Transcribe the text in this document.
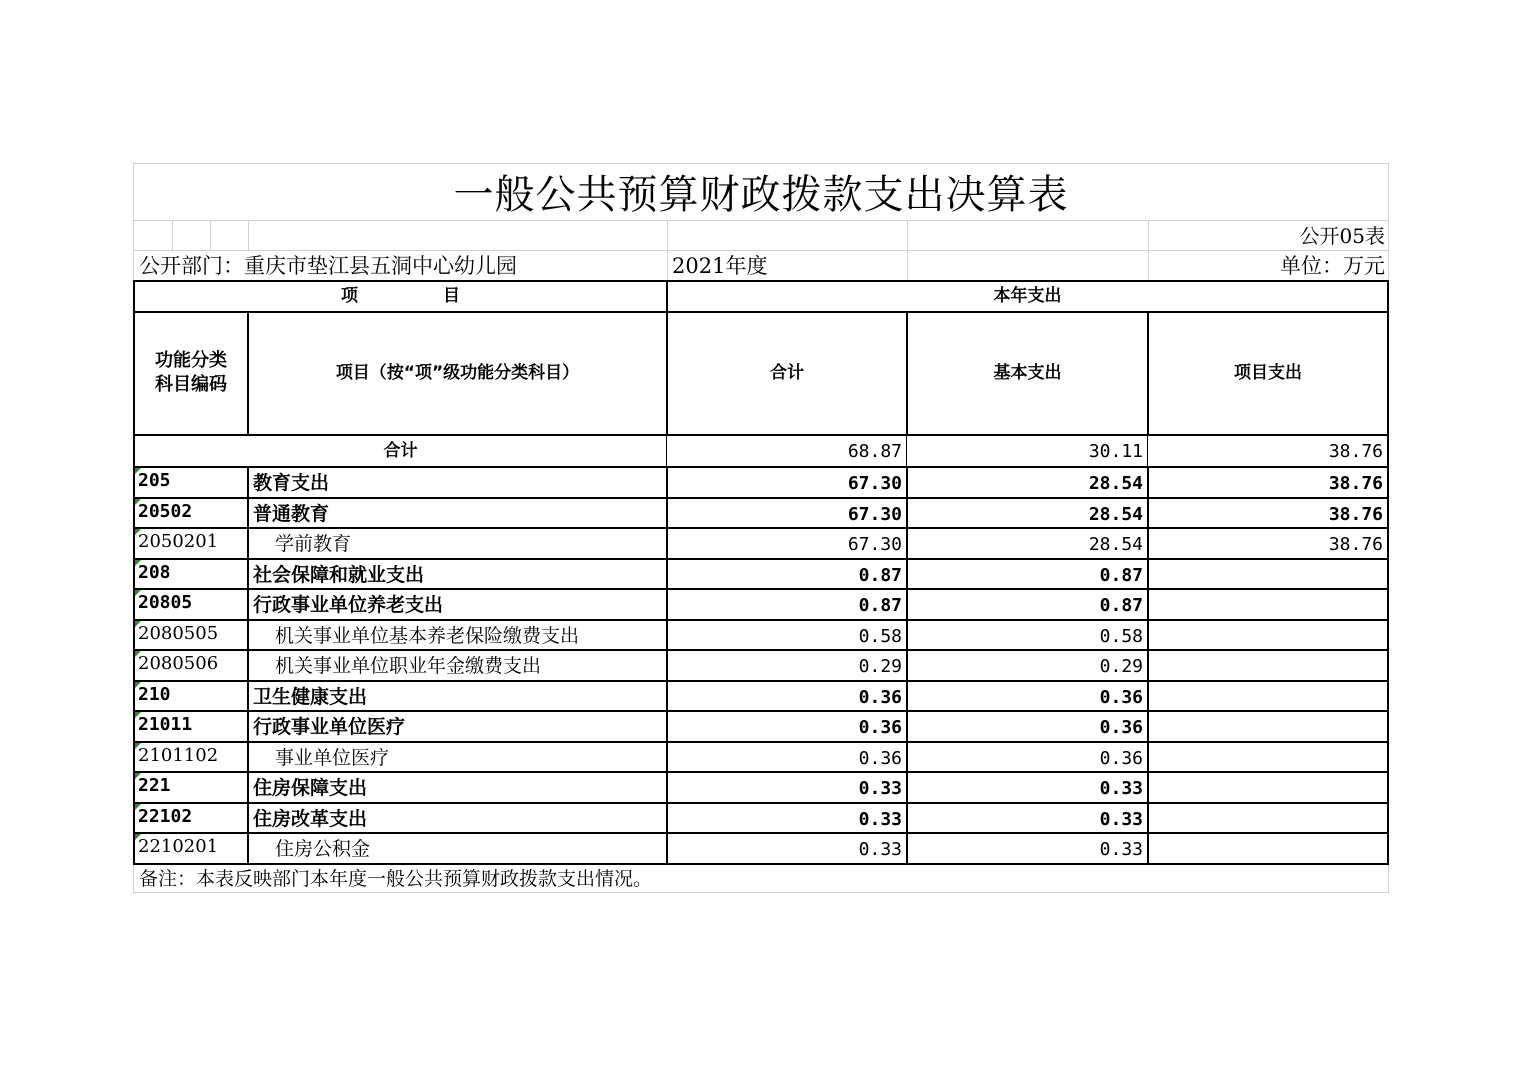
一般公共预算财政拨款支出决算表
公开05表
公开部门：重庆市垫江县五洞中心幼儿园	2021年度	单位：万元
项　　　　　目	本年支出
功能分类
科目编码
项目（按“项”级功能分类科目）	合计	基本支出	项目支出
合计	68.87	30.11	38.76
205	教育支出	67.30	28.54	38.76
20502	普通教育	67.30	28.54	38.76
2050201	学前教育	67.30	28.54	38.76
208	社会保障和就业支出	0.87	0.87
20805	行政事业单位养老支出	0.87	0.87
2080505	机关事业单位基本养老保险缴费支出	0.58	0.58
2080506	机关事业单位职业年金缴费支出	0.29	0.29
210	卫生健康支出	0.36	0.36
21011	行政事业单位医疗	0.36	0.36
2101102	事业单位医疗	0.36	0.36
221	住房保障支出	0.33	0.33
22102	住房改革支出	0.33	0.33
2210201	住房公积金	0.33	0.33
备注：本表反映部门本年度一般公共预算财政拨款支出情况。
